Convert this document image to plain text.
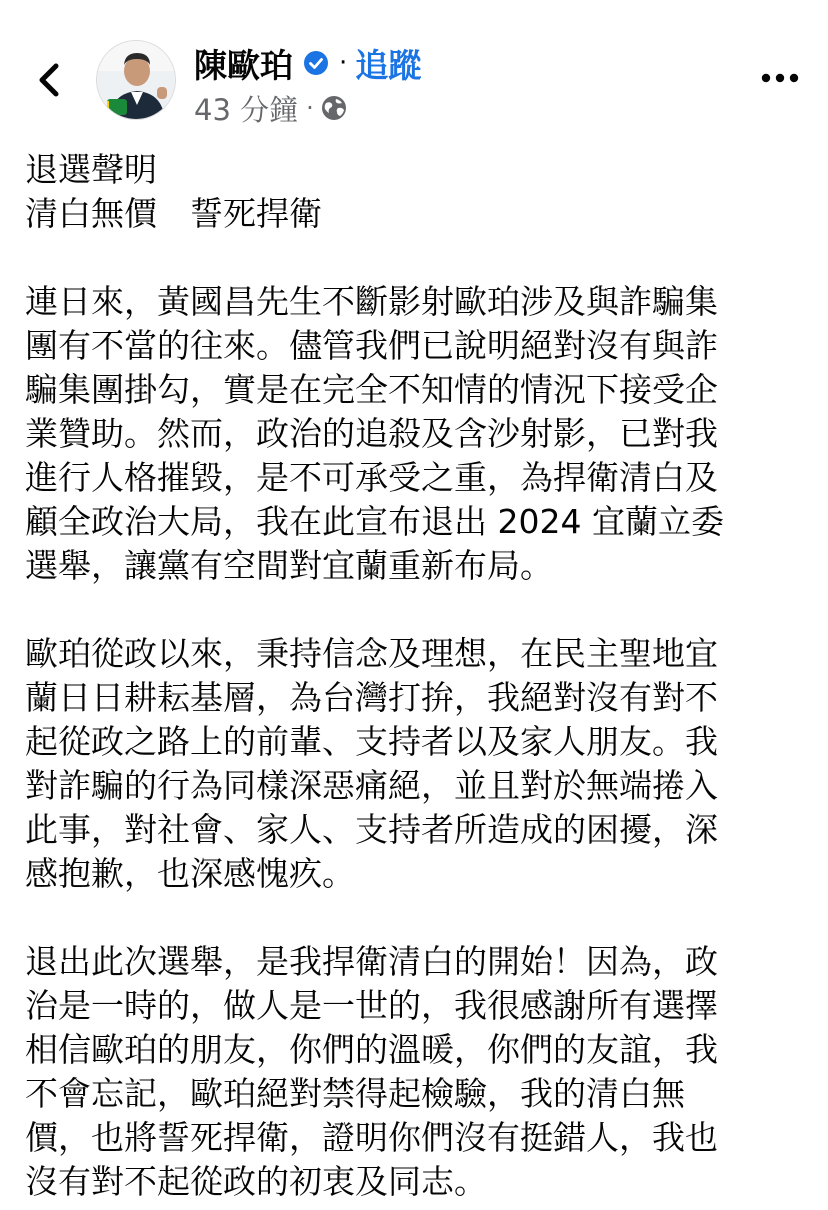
陳歐珀 · 追蹤
43 分鐘 ·
退選聲明
清白無價　誓死捍衛
連日來，黃國昌先生不斷影射歐珀涉及與詐騙集
團有不當的往來。儘管我們已說明絕對沒有與詐
騙集團掛勾，實是在完全不知情的情況下接受企
業贊助。然而，政治的追殺及含沙射影，已對我
進行人格摧毀，是不可承受之重，為捍衛清白及
顧全政治大局，我在此宣布退出 2024 宜蘭立委
選舉，讓黨有空間對宜蘭重新布局。
歐珀從政以來，秉持信念及理想，在民主聖地宜
蘭日日耕耘基層，為台灣打拚，我絕對沒有對不
起從政之路上的前輩、支持者以及家人朋友。我
對詐騙的行為同樣深惡痛絕，並且對於無端捲入
此事，對社會、家人、支持者所造成的困擾，深
感抱歉，也深感愧疚。
退出此次選舉，是我捍衛清白的開始！因為，政
治是一時的，做人是一世的，我很感謝所有選擇
相信歐珀的朋友，你們的溫暖，你們的友誼，我
不會忘記，歐珀絕對禁得起檢驗，我的清白無
價，也將誓死捍衛，證明你們沒有挺錯人，我也
沒有對不起從政的初衷及同志。
